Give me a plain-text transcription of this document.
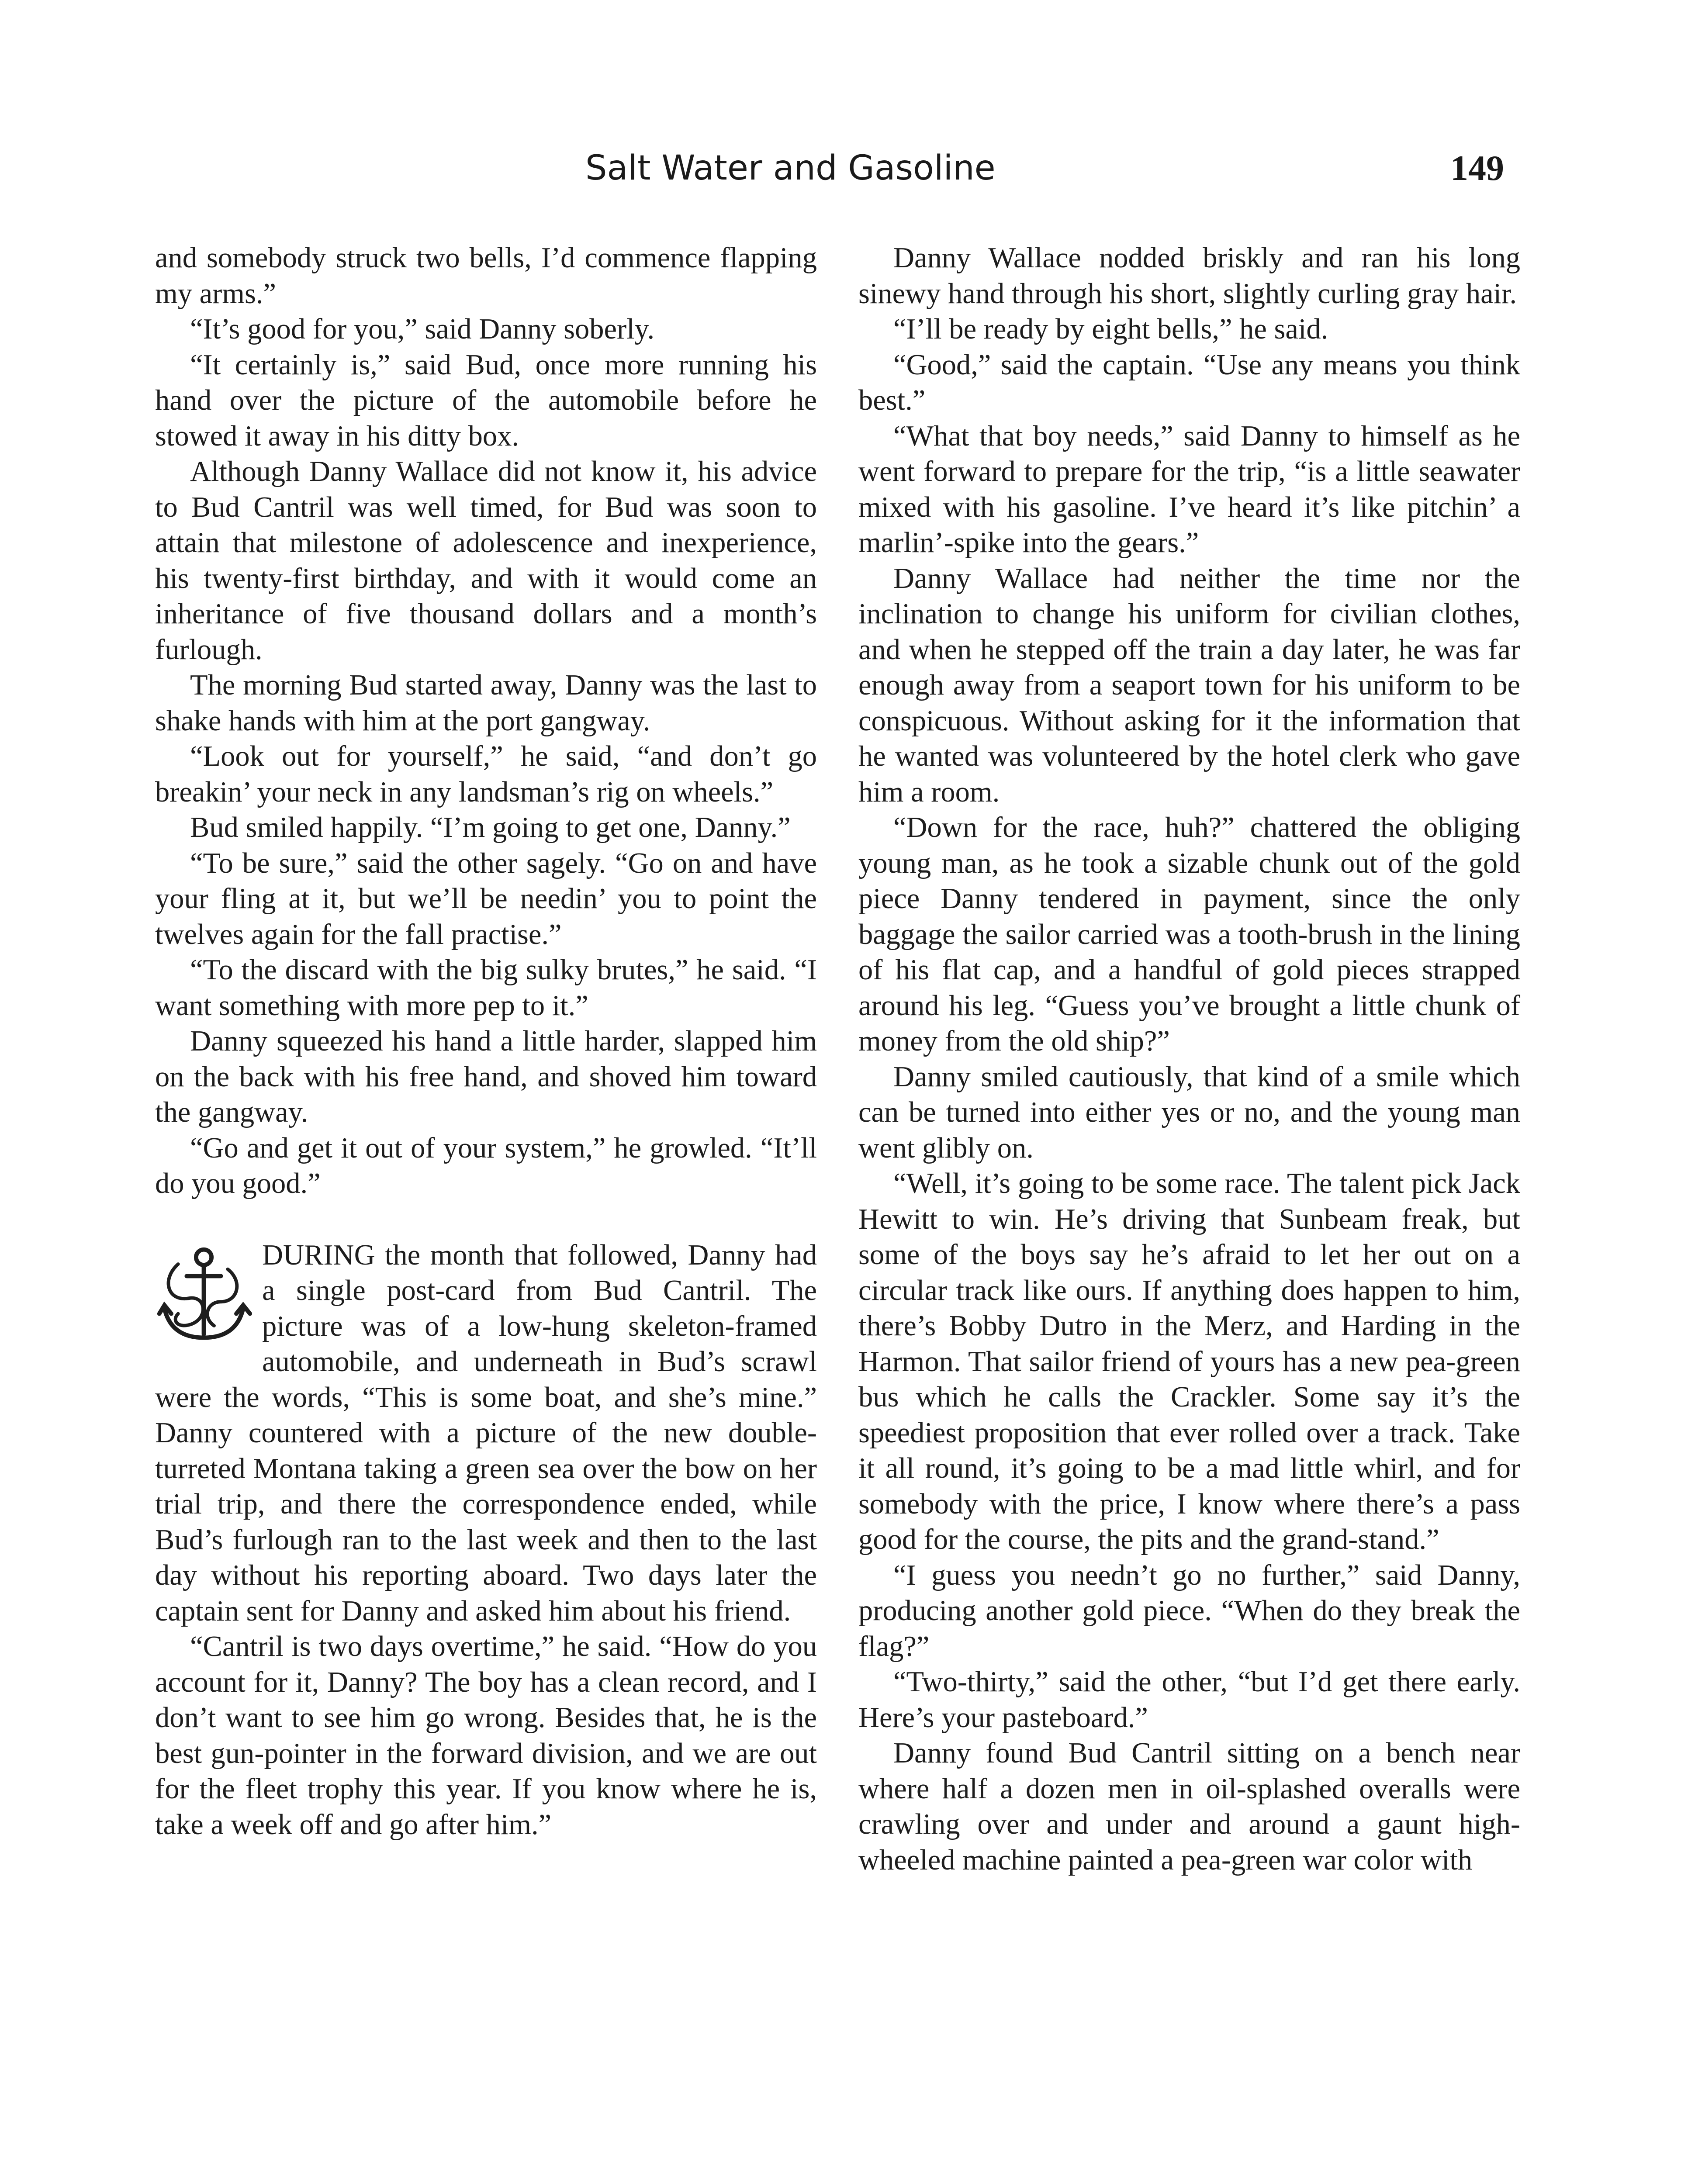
Salt Water and Gasoline	149

and somebody struck two bells, I’d commence flapping my arms.”

“It’s good for you,” said Danny soberly.

“It certainly is,” said Bud, once more running his hand over the picture of the automobile before he stowed it away in his ditty box.

Although Danny Wallace did not know it, his advice to Bud Cantril was well timed, for Bud was soon to attain that milestone of adolescence and inexperience, his twenty-first birthday, and with it would come an inheritance of five thousand dollars and a month’s furlough.

The morning Bud started away, Danny was the last to shake hands with him at the port gangway.

“Look out for yourself,” he said, “and don’t go breakin’ your neck in any landsman’s rig on wheels.”

Bud smiled happily. “I’m going to get one, Danny.”

“To be sure,” said the other sagely. “Go on and have your fling at it, but we’ll be needin’ you to point the twelves again for the fall practise.”

“To the discard with the big sulky brutes,” he said. “I want something with more pep to it.”

Danny squeezed his hand a little harder, slapped him on the back with his free hand, and shoved him toward the gangway.

“Go and get it out of your system,” he growled. “It’ll do you good.”

DURING the month that followed, Danny had a single post-card from Bud Cantril. The picture was of a low-hung skeleton-framed automobile, and underneath in Bud’s scrawl were the words, “This is some boat, and she’s mine.” Danny countered with a picture of the new double-turreted Montana taking a green sea over the bow on her trial trip, and there the correspondence ended, while Bud’s furlough ran to the last week and then to the last day without his reporting aboard. Two days later the captain sent for Danny and asked him about his friend.

“Cantril is two days overtime,” he said. “How do you account for it, Danny? The boy has a clean record, and I don’t want to see him go wrong. Besides that, he is the best gun-pointer in the forward division, and we are out for the fleet trophy this year. If you know where he is, take a week off and go after him.”

Danny Wallace nodded briskly and ran his long sinewy hand through his short, slightly curling gray hair.

“I’ll be ready by eight bells,” he said.

“Good,” said the captain. “Use any means you think best.”

“What that boy needs,” said Danny to himself as he went forward to prepare for the trip, “is a little seawater mixed with his gasoline. I’ve heard it’s like pitchin’ a marlin’-spike into the gears.”

Danny Wallace had neither the time nor the inclination to change his uniform for civilian clothes, and when he stepped off the train a day later, he was far enough away from a seaport town for his uniform to be conspicuous. Without asking for it the information that he wanted was volunteered by the hotel clerk who gave him a room.

“Down for the race, huh?” chattered the obliging young man, as he took a sizable chunk out of the gold piece Danny tendered in payment, since the only baggage the sailor carried was a tooth-brush in the lining of his flat cap, and a handful of gold pieces strapped around his leg. “Guess you’ve brought a little chunk of money from the old ship?”

Danny smiled cautiously, that kind of a smile which can be turned into either yes or no, and the young man went glibly on.

“Well, it’s going to be some race. The talent pick Jack Hewitt to win. He’s driving that Sunbeam freak, but some of the boys say he’s afraid to let her out on a circular track like ours. If anything does happen to him, there’s Bobby Dutro in the Merz, and Harding in the Harmon. That sailor friend of yours has a new pea-green bus which he calls the Crackler. Some say it’s the speediest proposition that ever rolled over a track. Take it all round, it’s going to be a mad little whirl, and for somebody with the price, I know where there’s a pass good for the course, the pits and the grand-stand.”

“I guess you needn’t go no further,” said Danny, producing another gold piece. “When do they break the flag?”

“Two-thirty,” said the other, “but I’d get there early. Here’s your pasteboard.”

Danny found Bud Cantril sitting on a bench near where half a dozen men in oil-splashed overalls were crawling over and under and around a gaunt high-wheeled machine painted a pea-green war color with
